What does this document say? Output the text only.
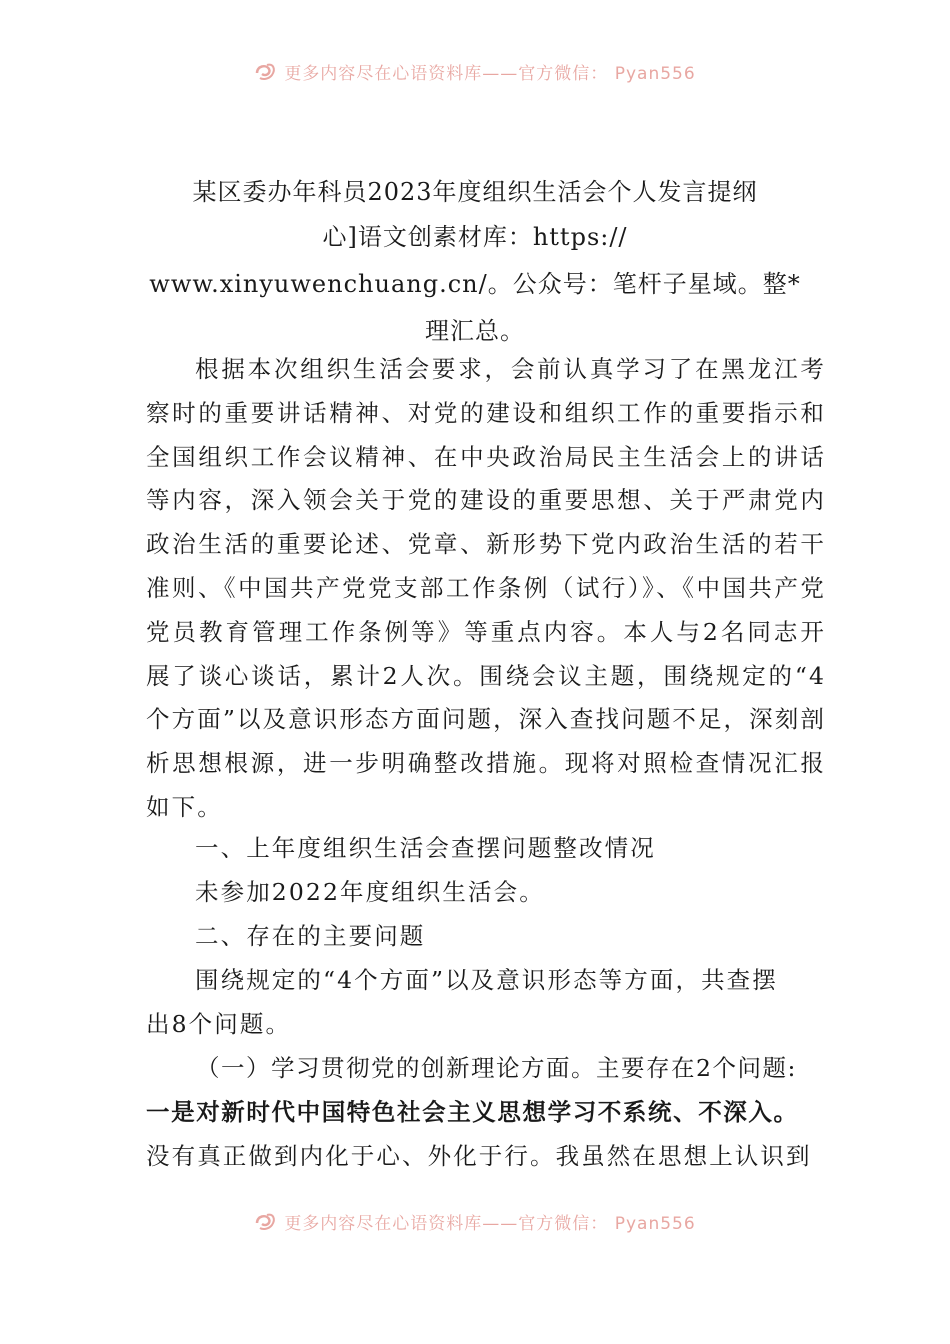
更多内容尽在心语资料库——官方微信： Pyan556
某区委办年科员2023年度组织生活会个人发言提纲
心]语文创素材库：https://
www.xinyuwenchuang.cn/。公众号：笔杆子星域。整*
理汇总。
根据本次组织生活会要求，会前认真学习了在黑龙江考察时的重要讲话精神、对党的建设和组织工作的重要指示和全国组织工作会议精神、在中央政治局民主生活会上的讲话等内容，深入领会关于党的建设的重要思想、关于严肃党内政治生活的重要论述、党章、新形势下党内政治生活的若干准则、《中国共产党党支部工作条例（试行）》、《中国共产党党员教育管理工作条例等》等重点内容。本人与2名同志开展了谈心谈话，累计2人次。围绕会议主题，围绕规定的“4个方面”以及意识形态方面问题，深入查找问题不足，深刻剖析思想根源，进一步明确整改措施。现将对照检查情况汇报如下。
一、上年度组织生活会查摆问题整改情况
未参加2022年度组织生活会。
二、存在的主要问题
围绕规定的“4个方面”以及意识形态等方面，共查摆
出8个问题。
（一）学习贯彻党的创新理论方面。主要存在2个问题:
一是对新时代中国特色社会主义思想学习不系统、不深入。
没有真正做到内化于心、外化于行。我虽然在思想上认识到
更多内容尽在心语资料库——官方微信： Pyan556
